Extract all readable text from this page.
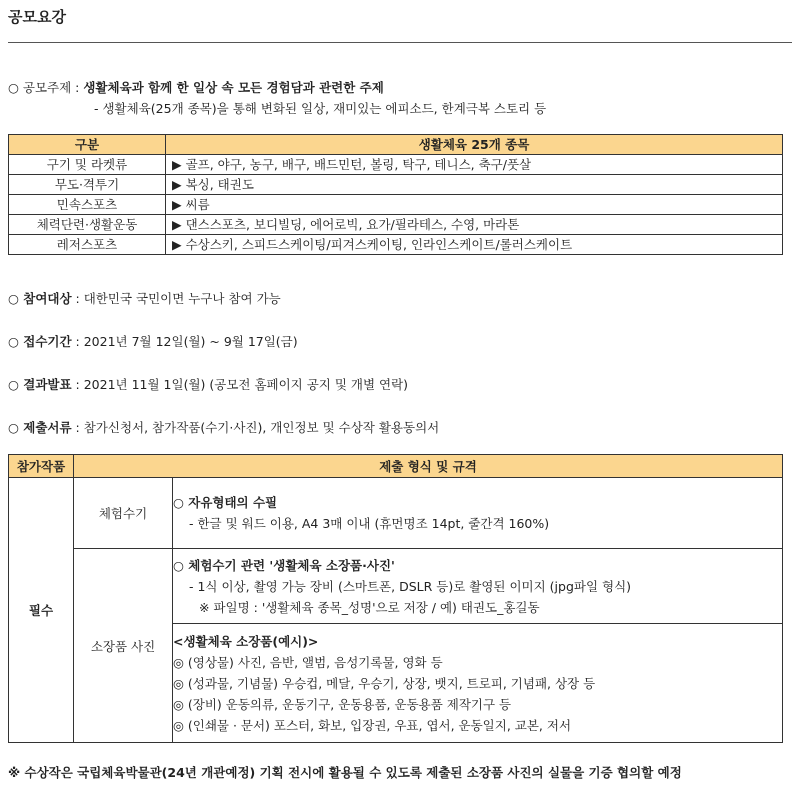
공모요강
○ 공모주제 : 생활체육과 함께 한 일상 속 모든 경험담과 관련한 주제
- 생활체육(25개 종목)을 통해 변화된 일상, 재미있는 에피소드, 한계극복 스토리 등
구분	생활체육 25개 종목
구기 및 라켓류	▶ 골프, 야구, 농구, 배구, 배드민턴, 볼링, 탁구, 테니스, 축구/풋살
무도·격투기	▶ 복싱, 태권도
민속스포츠	▶ 씨름
체력단련·생활운동	▶ 댄스스포츠, 보디빌딩, 에어로빅, 요가/필라테스, 수영, 마라톤
레저스포츠	▶ 수상스키, 스피드스케이팅/피겨스케이팅, 인라인스케이트/롤러스케이트
○ 참여대상 : 대한민국 국민이면 누구나 참여 가능
○ 접수기간 : 2021년 7월 12일(월) ~ 9월 17일(금)
○ 결과발표 : 2021년 11월 1일(월) (공모전 홈페이지 공지 및 개별 연락)
○ 제출서류 : 참가신청서, 참가작품(수기·사진), 개인정보 및 수상작 활용동의서
참가작품	제출 형식 및 규격	
필수	체험수기	○ 자유형태의 수필
- 한글 및 워드 이용, A4 3매 이내 (휴먼명조 14pt, 줄간격 160%)

	소장품 사진	○ 체험수기 관련 '생활체육 소장품·사진'
- 1식 이상, 촬영 가능 장비 (스마트폰, DSLR 등)로 촬영된 이미지 (jpg파일 형식)
※ 파일명 : '생활체육 종목_성명'으로 저장 / 예) 태권도_홍길동

		<생활체육 소장품(예시)>
◎ (영상물) 사진, 음반, 앨범, 음성기록물, 영화 등
◎ (성과물, 기념물) 우승컵, 메달, 우승기, 상장, 뱃지, 트로피, 기념패, 상장 등
◎ (장비) 운동의류, 운동기구, 운동용품, 운동용품 제작기구 등
◎ (인쇄물 · 문서) 포스터, 화보, 입장권, 우표, 엽서, 운동일지, 교본, 저서
※ 수상작은 국립체육박물관(24년 개관예정) 기획 전시에 활용될 수 있도록 제출된 소장품 사진의 실물을 기증 협의할 예정
